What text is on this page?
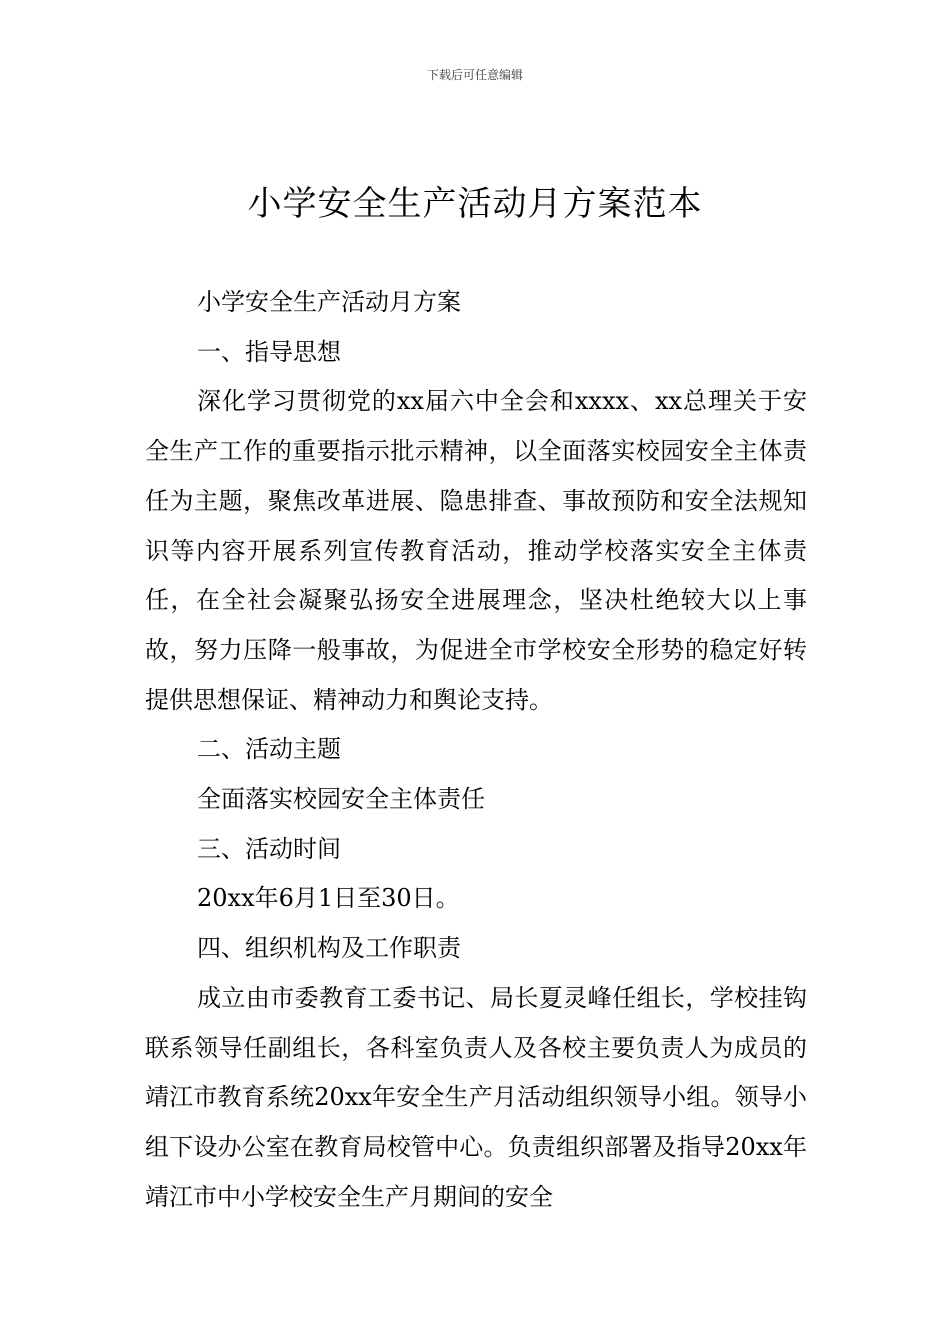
下载后可任意编辑
小学安全生产活动月方案范本

小学安全生产活动月方案

一、指导思想

深化学习贯彻党的xx届六中全会和xxxx、xx总理关于安全生产工作的重要指示批示精神，以全面落实校园安全主体责任为主题，聚焦改革进展、隐患排查、事故预防和安全法规知识等内容开展系列宣传教育活动，推动学校落实安全主体责任，在全社会凝聚弘扬安全进展理念，坚决杜绝较大以上事故，努力压降一般事故，为促进全市学校安全形势的稳定好转提供思想保证、精神动力和舆论支持。

二、活动主题

全面落实校园安全主体责任

三、活动时间

20xx年6月1日至30日。

四、组织机构及工作职责

成立由市委教育工委书记、局长夏灵峰任组长，学校挂钩联系领导任副组长，各科室负责人及各校主要负责人为成员的靖江市教育系统20xx年安全生产月活动组织领导小组。领导小组下设办公室在教育局校管中心。负责组织部署及指导20xx年靖江市中小学校安全生产月期间的安全
